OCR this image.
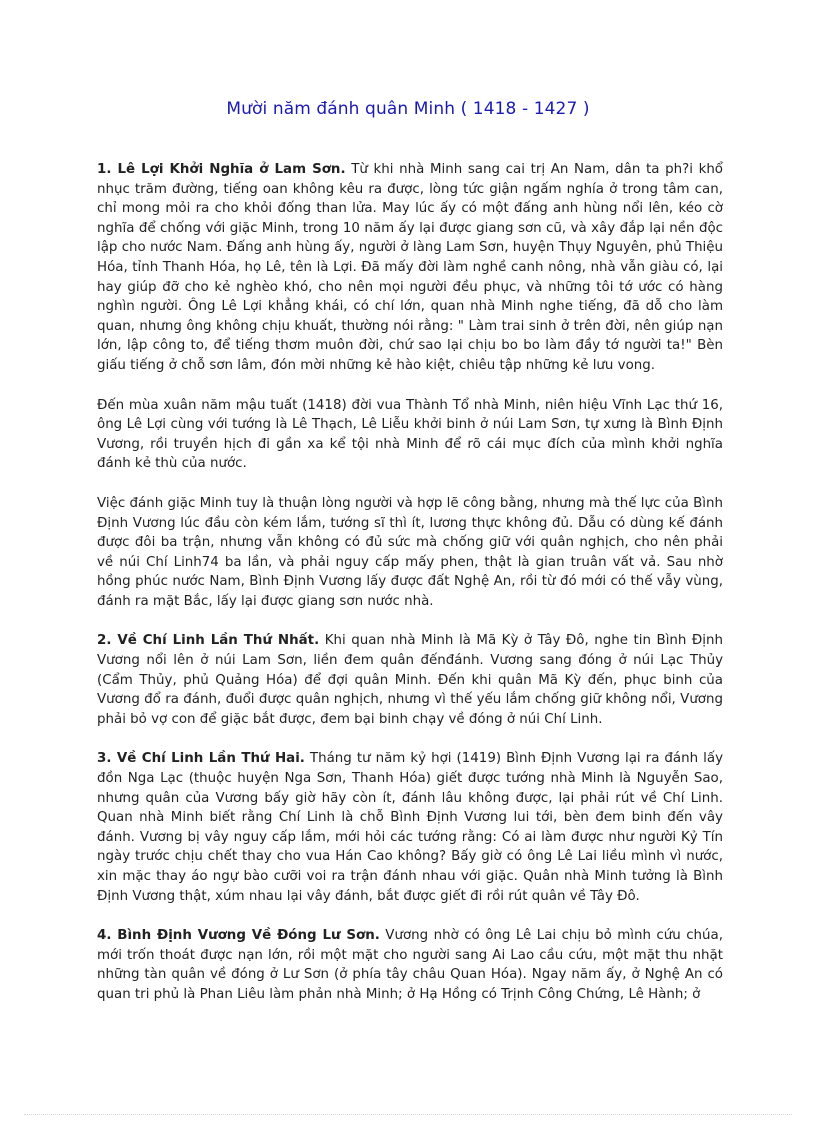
Mười năm đánh quân Minh ( 1418 - 1427 )

1. Lê Lợi Khởi Nghĩa ở Lam Sơn. Từ khi nhà Minh sang cai trị An Nam, dân ta ph?i khổ nhục trăm đường, tiếng oan không kêu ra được, lòng tức giận ngấm nghía ở trong tâm can, chỉ mong mỏi ra cho khỏi đống than lửa. May lúc ấy có một đấng anh hùng nổi lên, kéo cờ nghĩa để chống với giặc Minh, trong 10 năm ấy lại được giang sơn cũ, và xây đắp lại nền độc lập cho nước Nam. Đấng anh hùng ấy, người ở làng Lam Sơn, huyện Thụy Nguyên, phủ Thiệu Hóa, tỉnh Thanh Hóa, họ Lê, tên là Lợi. Đã mấy đời làm nghề canh nông, nhà vẫn giàu có, lại hay giúp đỡ cho kẻ nghèo khó, cho nên mọi người đều phục, và những tôi tớ ước có hàng nghìn người. Ông Lê Lợi khẳng khái, có chí lớn, quan nhà Minh nghe tiếng, đã dỗ cho làm quan, nhưng ông không chịu khuất, thường nói rằng: " Làm trai sinh ở trên đời, nên giúp nạn lớn, lập công to, để tiếng thơm muôn đời, chứ sao lại chịu bo bo làm đầy tớ người ta!" Bèn giấu tiếng ở chỗ sơn lâm, đón mời những kẻ hào kiệt, chiêu tập những kẻ lưu vong.

Đến mùa xuân năm mậu tuất (1418) đời vua Thành Tổ nhà Minh, niên hiệu Vĩnh Lạc thứ 16, ông Lê Lợi cùng với tướng là Lê Thạch, Lê Liễu khởi binh ở núi Lam Sơn, tự xưng là Bình Định Vương, rồi truyền hịch đi gần xa kể tội nhà Minh để rõ cái mục đích của mình khởi nghĩa đánh kẻ thù của nước.

Việc đánh giặc Minh tuy là thuận lòng người và hợp lẽ công bằng, nhưng mà thế lực của Bình Định Vương lúc đầu còn kém lắm, tướng sĩ thì ít, lương thực không đủ. Dẫu có dùng kế đánh được đôi ba trận, nhưng vẫn không có đủ sức mà chống giữ với quân nghịch, cho nên phải về núi Chí Linh74 ba lần, và phải nguy cấp mấy phen, thật là gian truân vất vả. Sau nhờ hồng phúc nước Nam, Bình Định Vương lấy được đất Nghệ An, rồi từ đó mới có thế vẫy vùng, đánh ra mặt Bắc, lấy lại được giang sơn nước nhà.

2. Về Chí Linh Lần Thứ Nhất. Khi quan nhà Minh là Mã Kỳ ở Tây Đô, nghe tin Bình Định Vương nổi lên ở núi Lam Sơn, liền đem quân đếnđánh. Vương sang đóng ở núi Lạc Thủy (Cẩm Thủy, phủ Quảng Hóa) để đợi quân Minh. Đến khi quân Mã Kỳ đến, phục binh của Vương đổ ra đánh, đuổi được quân nghịch, nhưng vì thế yếu lắm chống giữ không nổi, Vương phải bỏ vợ con để giặc bắt được, đem bại binh chạy về đóng ở núi Chí Linh.

3. Về Chí Linh Lần Thứ Hai. Tháng tư năm kỷ hợi (1419) Bình Định Vương lại ra đánh lấy đồn Nga Lạc (thuộc huyện Nga Sơn, Thanh Hóa) giết được tướng nhà Minh là Nguyễn Sao, nhưng quân của Vương bấy giờ hãy còn ít, đánh lâu không được, lại phải rút về Chí Linh. Quan nhà Minh biết rằng Chí Linh là chỗ Bình Định Vương lui tới, bèn đem binh đến vây đánh. Vương bị vây nguy cấp lắm, mới hỏi các tướng rằng: Có ai làm được như người Kỷ Tín ngày trước chịu chết thay cho vua Hán Cao không? Bấy giờ có ông Lê Lai liều mình vì nước, xin mặc thay áo ngự bào cưỡi voi ra trận đánh nhau với giặc. Quân nhà Minh tưởng là Bình Định Vương thật, xúm nhau lại vây đánh, bắt được giết đi rồi rút quân về Tây Đô.

4. Bình Định Vương Về Đóng Lư Sơn. Vương nhờ có ông Lê Lai chịu bỏ mình cứu chúa, mới trốn thoát được nạn lớn, rồi một mặt cho người sang Ai Lao cầu cứu, một mặt thu nhặt những tàn quân về đóng ở Lư Sơn (ở phía tây châu Quan Hóa). Ngay năm ấy, ở Nghệ An có quan tri phủ là Phan Liêu làm phản nhà Minh; ở Hạ Hồng có Trịnh Công Chứng, Lê Hành; ở
